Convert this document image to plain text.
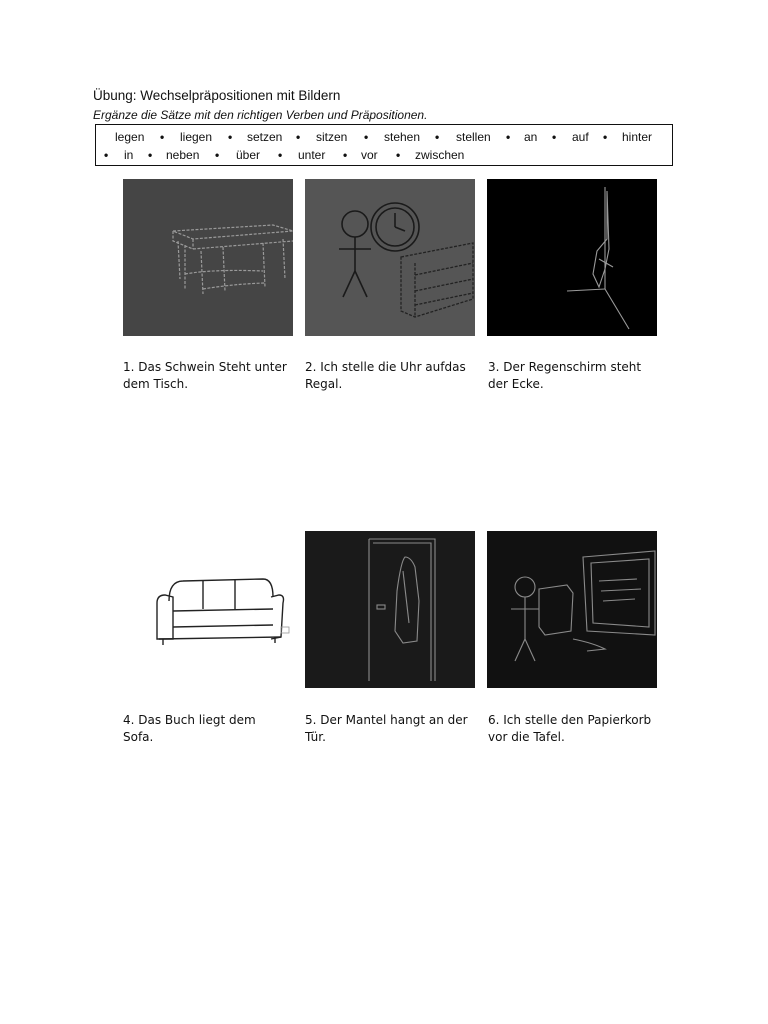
Übung: Wechselpräpositionen mit Bildern
Ergänze die Sätze mit den richtigen Verben und Präpositionen.
legen • liegen • setzen • sitzen • stehen • stellen • an • auf • hinter
• in • neben • über • unter • vor • zwischen
1. Das Schwein Steht unter dem Tisch.
2. Ich stelle die Uhr aufdas Regal.
3. Der Regenschirm steht der Ecke.
4. Das Buch liegt dem Sofa.
5. Der Mantel hangt an der Tür.
6. Ich stelle den Papierkorb vor die Tafel.
